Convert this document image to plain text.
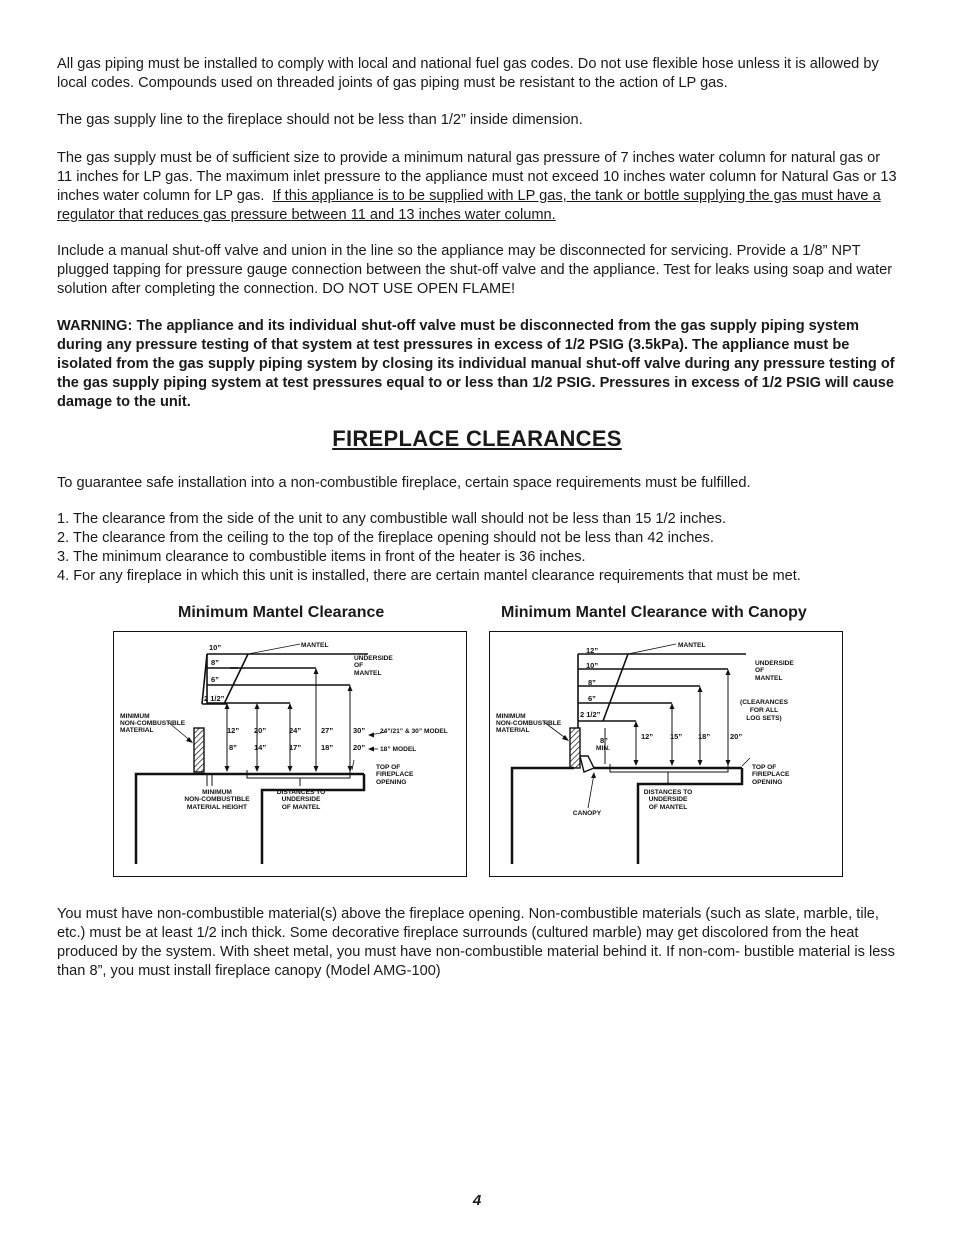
All gas piping must be installed to comply with local and national fuel gas codes. Do not use flexible hose unless it is allowed by local codes. Compounds used on threaded joints of gas piping must be resistant to the action of LP gas.

The gas supply line to the fireplace should not be less than 1/2” inside dimension.

The gas supply must be of sufficient size to provide a minimum natural gas pressure of 7 inches water column for natural gas or 11 inches for LP gas. The maximum inlet pressure to the appliance must not exceed 10 inches water column for Natural Gas or 13 inches water column for LP gas. If this appliance is to be supplied with LP gas, the tank or bottle supplying the gas must have a regulator that reduces gas pressure between 11 and 13 inches water column.

Include a manual shut-off valve and union in the line so the appliance may be disconnected for servicing. Provide a 1/8” NPT plugged tapping for pressure gauge connection between the shut-off valve and the appliance. Test for leaks using soap and water solution after completing the connection. DO NOT USE OPEN FLAME!

WARNING: The appliance and its individual shut-off valve must be disconnected from the gas supply piping system during any pressure testing of that system at test pressures in excess of 1/2 PSIG (3.5kPa). The appliance must be isolated from the gas supply piping system by closing its individual manual shut-off valve during any pressure testing of the gas supply piping system at test pressures equal to or less than 1/2 PSIG. Pressures in excess of 1/2 PSIG will cause damage to the unit.

FIREPLACE CLEARANCES

To guarantee safe installation into a non-combustible fireplace, certain space requirements must be fulfilled.

1. The clearance from the side of the unit to any combustible wall should not be less than 15 1/2 inches.
2. The clearance from the ceiling to the top of the fireplace opening should not be less than 42 inches.
3. The minimum clearance to combustible items in front of the heater is 36 inches.
4. For any fireplace in which this unit is installed, there are certain mantel clearance requirements that must be met.
Minimum Mantel Clearance	Minimum Mantel Clearance with Canopy
10”
8”
6”
2 1/2”
MANTEL
UNDERSIDE
OF
MANTEL
MINIMUM
NON-COMBUSTIBLE
MATERIAL	12” 20”	24”	27”	30”
8” 14”	17”	18”	20”
24”/21” & 30” MODEL
18” MODEL
TOP OF
FIREPLACE
OPENING
MINIMUM
NON-COMBUSTIBLE
MATERIAL HEIGHT
DISTANCES TO
UNDERSIDE
OF MANTEL
12”
10”
8”
6”
2 1/2”
MANTEL
UNDERSIDE
OF
MANTEL
(CLEARANCES
FOR ALL
LOG SETS)
MINIMUM
NON-COMBUSTIBLE
MATERIAL
8”
MIN.
12” 15” 18”	20”
TOP OF
FIREPLACE
OPENING
DISTANCES TO
UNDERSIDE
OF MANTEL
CANOPY

You must have non-combustible material(s) above the fireplace opening. Non-combustible materials (such as slate, marble, tile, etc.) must be at least 1/2 inch thick. Some decorative fireplace surrounds (cultured marble) may get discolored from the heat produced by the system. With sheet metal, you must have non-combustible material behind it. If non-com- bustible material is less than 8”, you must install fireplace canopy (Model AMG-100)

4
